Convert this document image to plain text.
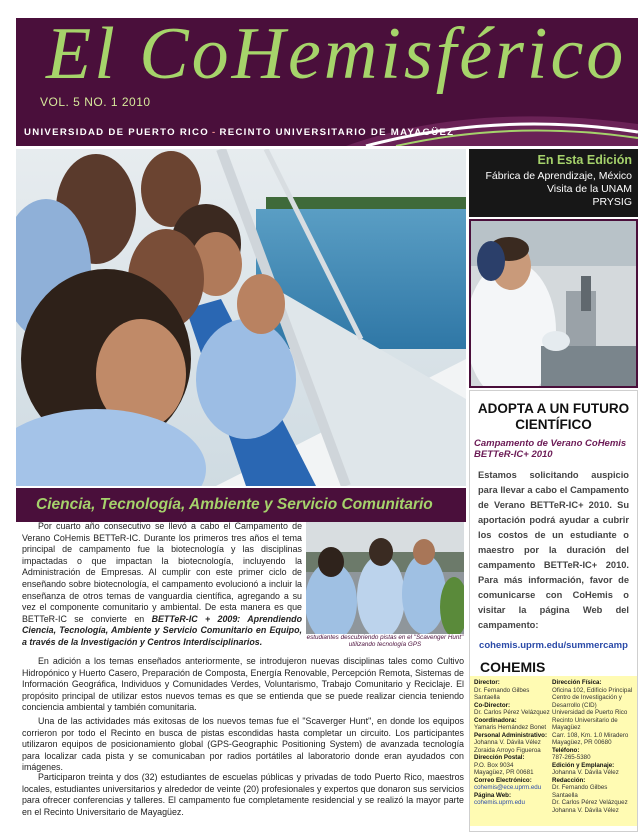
El CoHemisférico
VOL. 5 NO. 1 2010
UNIVERSIDAD DE PUERTO RICO - RECINTO UNIVERSITARIO DE MAYAGÜEZ
En Esta Edición
Fábrica de Aprendizaje, México
Visita de la UNAM
PRYSIG
ADOPTA A UN FUTURO CIENTÍFICO
Campamento de Verano CoHemis BETTeR-IC+ 2010
Estamos solicitando auspicio para llevar a cabo el Campamento de Verano BETTeR-IC+ 2010. Su aportación podrá ayudar a cubrir los costos de un estudiante o maestro por la duración del campamento BETTeR-IC+ 2010. Para más información, favor de comunicarse con CoHemis o visitar la página Web del campamento:
cohemis.uprm.edu/summercamp
COHEMIS
Director:
Dr. Fernando Gilbes Santaella
Co-Director:
Dr. Carlos Pérez Velázquez
Coordinadora:
Yamaris Hernández Bonet
Personal Administrativo:
Johanna V. Dávila Vélez
Zoraida Arroyo Figueroa
Dirección Postal:
P.O. Box 9034
Mayagüez, PR 00681
Correo Electrónico:
cohemis@ece.uprm.edu
Página Web:
cohemis.uprm.edu
Dirección Física:
Oficina 102, Edificio Principal
Centro de Investigación y
Desarrollo (CID)
Universidad de Puerto Rico
Recinto Universitario de
Mayagüez
Carr. 108, Km. 1.0 Miradero
Mayagüez, PR 00680
Teléfono:
787-265-5380
Edición y Emplanaje:
Johanna V. Dávila Vélez
Redacción:
Dr. Fernando Gilbes Santaella
Dr. Carlos Pérez Velázquez
Johanna V. Dávila Vélez
Ciencia, Tecnología, Ambiente y Servicio Comunitario
Por cuarto año consecutivo se llevó a cabo el Campamento de Verano CoHemis BETTeR-IC. Durante los primeros tres años el tema principal de campamento fue la biotecnología y las disciplinas impactadas o que impactan la biotecnología, incluyendo la Administración de Empresas. Al cumplir con este primer ciclo de enseñando sobre biotecnología, el campamento evolucionó a incluir la enseñanza de otros temas de vanguardia científica, agregando a su vez el componente comunitario y ambiental. De esta manera es que BETTeR-IC se convierte en BETTeR-IC + 2009: Aprendiendo Ciencia, Tecnología, Ambiente y Servicio Comunitario en Equipo, a través de la Investigación y Centros Interdisciplinarios.	estudiantes descubriendo pistas en el "Scavenger Hunt" utilizando tecnología GPS
En adición a los temas enseñados anteriormente, se introdujeron nuevas disciplinas tales como Cultivo Hidropónico y Huerto Casero, Preparación de Composta, Energía Renovable, Percepción Remota, Sistemas de Información Geográfica, Individuos y Comunidades Verdes, Voluntarismo, Trabajo Comunitario y Reciclaje. El propósito principal de utilizar estos nuevos temas es que se entienda que se puede realizar ciencia teniendo conciencia ambiental y también comunitaria.
Una de las actividades más exitosas de los nuevos temas fue el "Scaverger Hunt", en donde los equipos corrieron por todo el Recinto en busca de pistas escondidas hasta completar un circuito. Los participantes utilizaron equipos de posicionamiento global (GPS-Geographic Positioning System) de avanzada tecnología para localizar cada pista y se comunicaban por radios portátiles al laboratorio donde eran ayudados con imágenes.
Participaron treinta y dos (32) estudiantes de escuelas públicas y privadas de todo Puerto Rico, maestros locales, estudiantes universitarios y alrededor de veinte (20) profesionales y expertos que donaron sus servicios para ofrecer conferencias y talleres. El campamento fue completamente residencial y se realizó la mayor parte en el Recinto Universitario de Mayagüez.
